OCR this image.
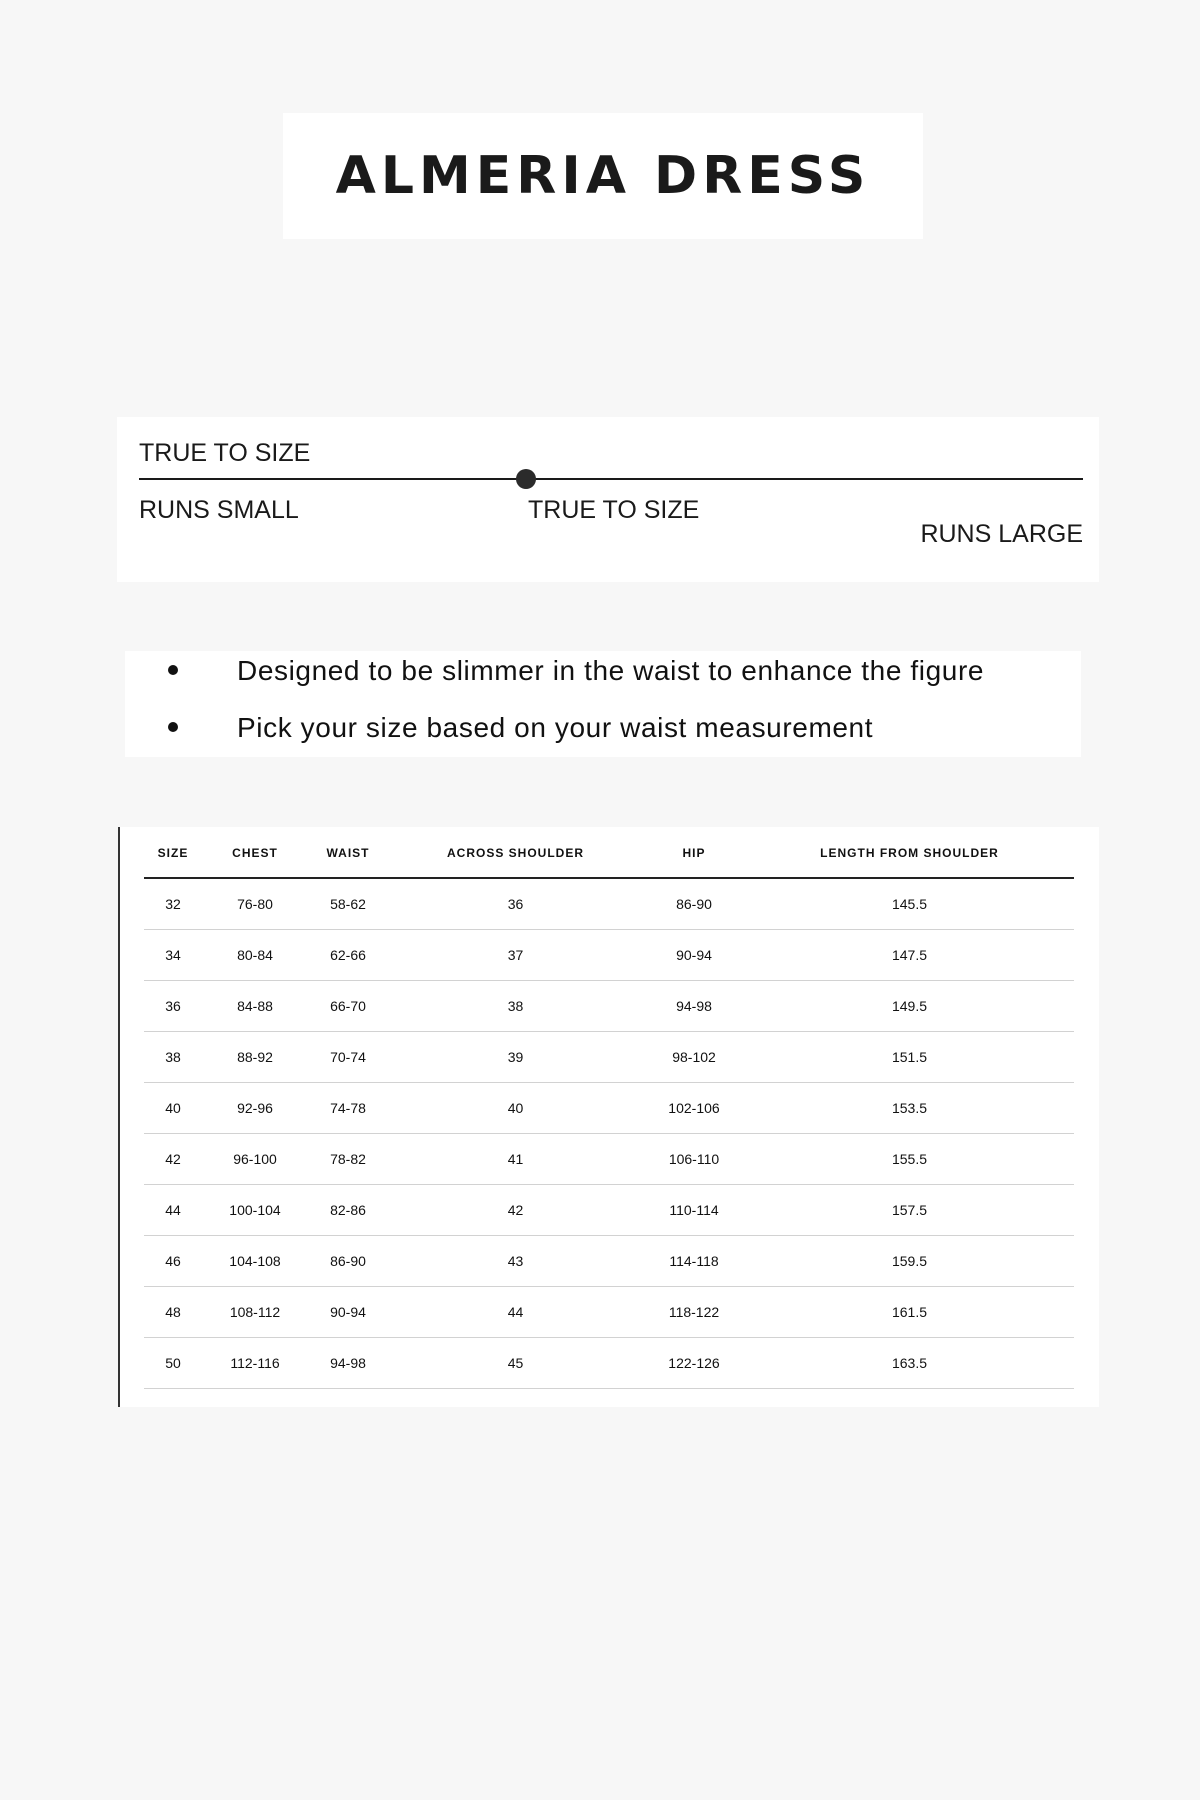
ALMERIA DRESS
TRUE TO SIZE
RUNS SMALL	TRUE TO SIZE
RUNS LARGE
Designed to be slimmer in the waist to enhance the figure
Pick your size based on your waist measurement
SIZE	CHEST	WAIST	ACROSS SHOULDER	HIP	LENGTH FROM SHOULDER
32	76-80	58-62	36	86-90	145.5
34	80-84	62-66	37	90-94	147.5
36	84-88	66-70	38	94-98	149.5
38	88-92	70-74	39	98-102	151.5
40	92-96	74-78	40	102-106	153.5
42	96-100	78-82	41	106-110	155.5
44	100-104	82-86	42	110-114	157.5
46	104-108	86-90	43	114-118	159.5
48	108-112	90-94	44	118-122	161.5
50	112-116	94-98	45	122-126	163.5
